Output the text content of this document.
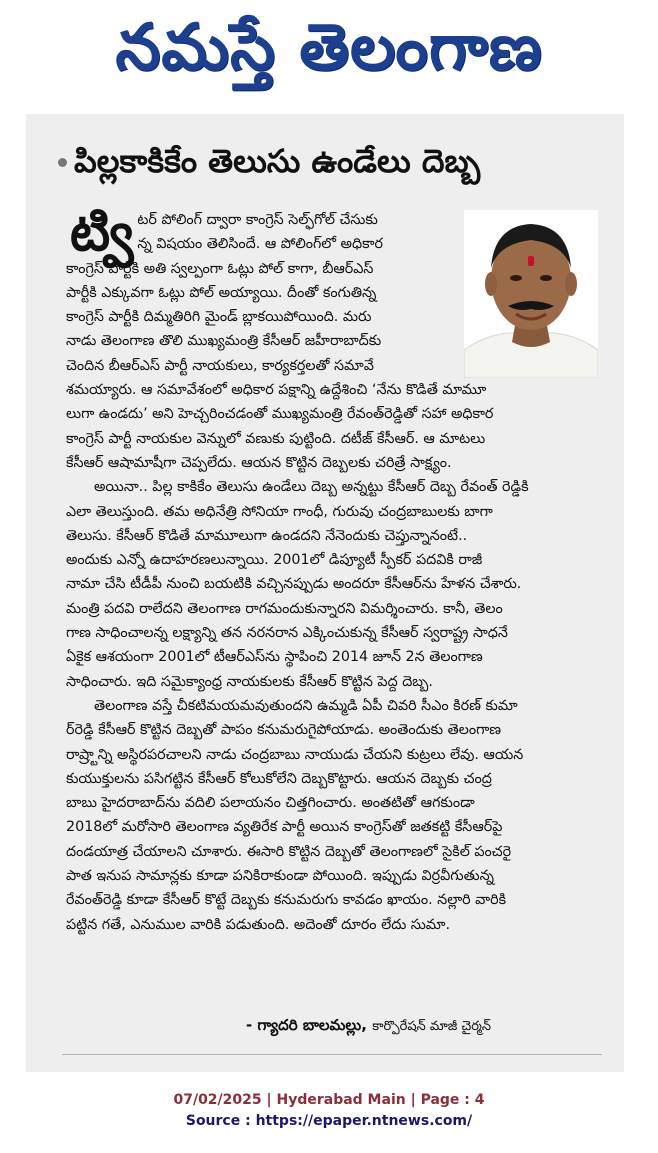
నమస్తే తెలంగాణ
పిల్లకాకికేం తెలుసు ఉండేలు దెబ్బ
ట్వి టర్ పోలింగ్ ద్వారా కాంగ్రెస్ సెల్ఫ్‌గోల్ చేసుకు
న్న విషయం తెలిసిందే. ఆ పోలింగ్‌లో అధికార
కాంగ్రెస్ పార్టీకి అతి స్వల్పంగా ఓట్లు పోల్ కాగా, బీఆర్ఎస్
పార్టీకి ఎక్కువగా ఓట్లు పోల్ అయ్యాయి. దీంతో కంగుతిన్న
కాంగ్రెస్ పార్టీకి దిమ్మతిరిగి మైండ్ బ్లాకయిపోయింది. మరు
నాడు తెలంగాణ తొలి ముఖ్యమంత్రి కేసీఆర్ జహీరాబాద్‌కు
చెందిన బీఆర్ఎస్ పార్టీ నాయకులు, కార్యకర్తలతో సమావే
శమయ్యారు. ఆ సమావేశంలో అధికార పక్షాన్ని ఉద్దేశించి ‘నేను కొడితే మామూ
లుగా ఉండదు’ అని హెచ్చరించడంతో ముఖ్యమంత్రి రేవంత్‌రెడ్డితో సహా అధికార
కాంగ్రెస్ పార్టీ నాయకుల వెన్నులో వణుకు పుట్టింది. దటీజ్ కేసీఆర్. ఆ మాటలు
కేసీఆర్ ఆషామాషీగా చెప్పలేదు. ఆయన కొట్టిన దెబ్బలకు చరిత్రే సాక్ష్యం.
అయినా.. పిల్ల కాకికేం తెలుసు ఉండేలు దెబ్బ అన్నట్టు కేసీఆర్ దెబ్బ రేవంత్ రెడ్డికి
ఎలా తెలుస్తుంది. తమ అధినేత్రి సోనియా గాంధీ, గురువు చంద్రబాబులకు బాగా
తెలుసు. కేసీఆర్ కొడితే మామూలుగా ఉండదని నేనెందుకు చెప్తున్నానంటే..
అందుకు ఎన్నో ఉదాహరణలున్నాయి. 2001లో డిప్యూటీ స్పీకర్ పదవికి రాజీ
నామా చేసి టీడీపీ నుంచి బయటికి వచ్చినప్పుడు అందరూ కేసీఆర్‌ను హేళన చేశారు.
మంత్రి పదవి రాలేదని తెలంగాణ రాగమందుకున్నారని విమర్శించారు. కానీ, తెలం
గాణ సాధించాలన్న లక్ష్యాన్ని తన నరనరాన ఎక్కించుకున్న కేసీఆర్ స్వరాష్ట్ర సాధనే
ఏకైక ఆశయంగా 2001లో టీఆర్ఎస్‌ను స్థాపించి 2014 జూన్ 2న తెలంగాణ
సాధించారు. ఇది సమైక్యాంధ్ర నాయకులకు కేసీఆర్ కొట్టిన పెద్ద దెబ్బ.
తెలంగాణ వస్తే చీకటిమయమవుతుందని ఉమ్మడి ఏపీ చివరి సీఎం కిరణ్ కుమా
ర్‌రెడ్డి కేసీఆర్ కొట్టిన దెబ్బతో పాపం కనుమరుగైపోయాడు. అంతెందుకు తెలంగాణ
రాష్ర్టాన్ని అస్థిరపరచాలని నాడు చంద్రబాబు నాయుడు చేయని కుట్రలు లేవు. ఆయన
కుయుక్తులను పసిగట్టిన కేసీఆర్ కోలుకోలేని దెబ్బకొట్టారు. ఆయన దెబ్బకు చంద్ర
బాబు హైదరాబాద్‌ను వదిలి పలాయనం చిత్తగించారు. అంతటితో ఆగకుండా
2018లో మరోసారి తెలంగాణ వ్యతిరేక పార్టీ అయిన కాంగ్రెస్‌తో జతకట్టి కేసీఆర్‌పై
దండయాత్ర చేయాలని చూశారు. ఈసారి కొట్టిన దెబ్బతో తెలంగాణలో సైకిల్ పంచరై
పాత ఇనుప సామాన్లకు కూడా పనికిరాకుండా పోయింది. ఇప్పుడు విర్రవీగుతున్న
రేవంత్‌రెడ్డి కూడా కేసీఆర్ కొట్టే దెబ్బకు కనుమరుగు కావడం ఖాయం. నల్లారి వారికి
పట్టిన గతే, ఎనుముల వారికి పడుతుంది. అదెంతో దూరం లేదు సుమా.
- గ్యాదరి బాలమల్లు, కార్పొరేషన్ మాజీ చైర్మన్
07/02/2025 | Hyderabad Main | Page : 4
Source : https://epaper.ntnews.com/
